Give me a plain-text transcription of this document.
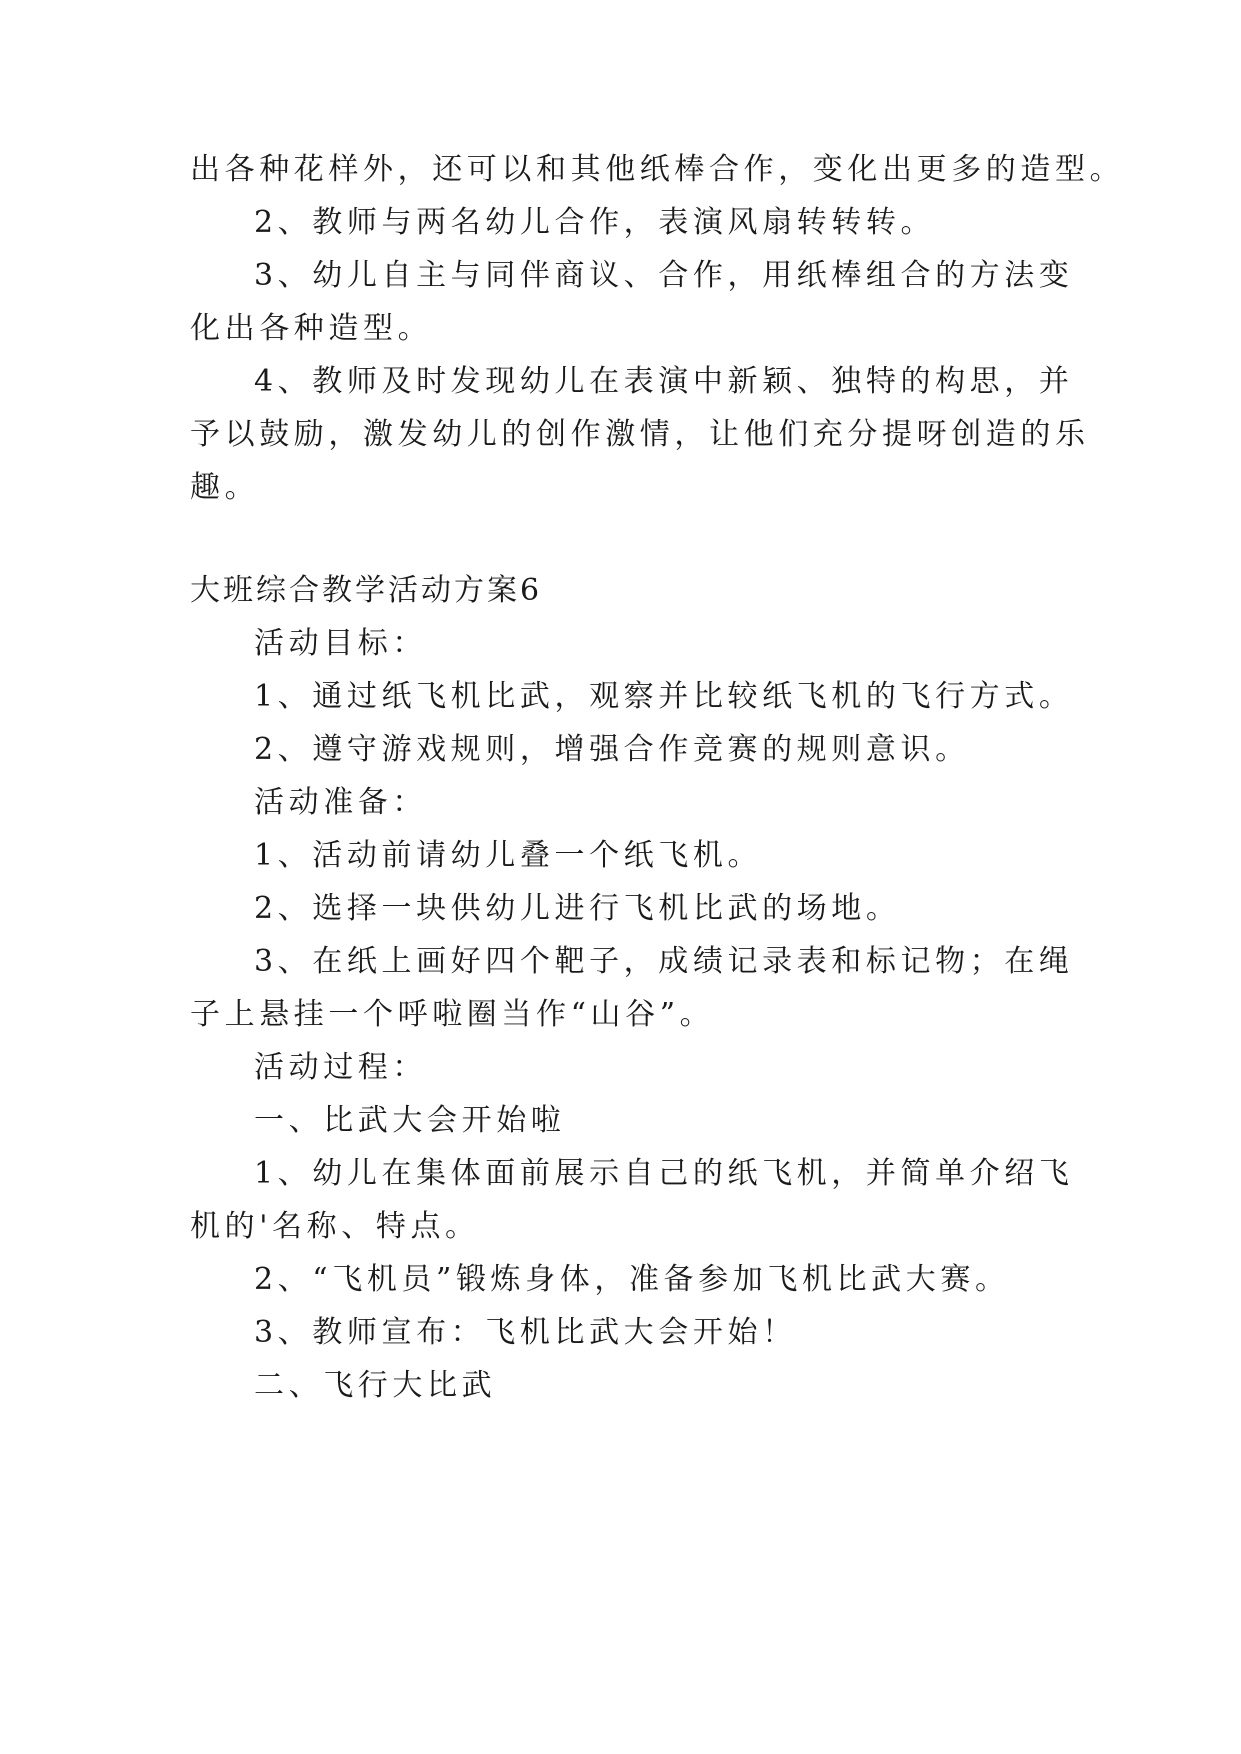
出各种花样外，还可以和其他纸棒合作，变化出更多的造型。
2、教师与两名幼儿合作，表演风扇转转转。
3、幼儿自主与同伴商议、合作，用纸棒组合的方法变
化出各种造型。
4、教师及时发现幼儿在表演中新颖、独特的构思，并
予以鼓励，激发幼儿的创作激情，让他们充分提呀创造的乐
趣。
大班综合教学活动方案6
活动目标：
1、通过纸飞机比武，观察并比较纸飞机的飞行方式。
2、遵守游戏规则，增强合作竞赛的规则意识。
活动准备：
1、活动前请幼儿叠一个纸飞机。
2、选择一块供幼儿进行飞机比武的场地。
3、在纸上画好四个靶子，成绩记录表和标记物；在绳
子上悬挂一个呼啦圈当作“山谷”。
活动过程：
一、比武大会开始啦
1、幼儿在集体面前展示自己的纸飞机，并简单介绍飞
机的'名称、特点。
2、“飞机员”锻炼身体，准备参加飞机比武大赛。
3、教师宣布：飞机比武大会开始！
二、飞行大比武
